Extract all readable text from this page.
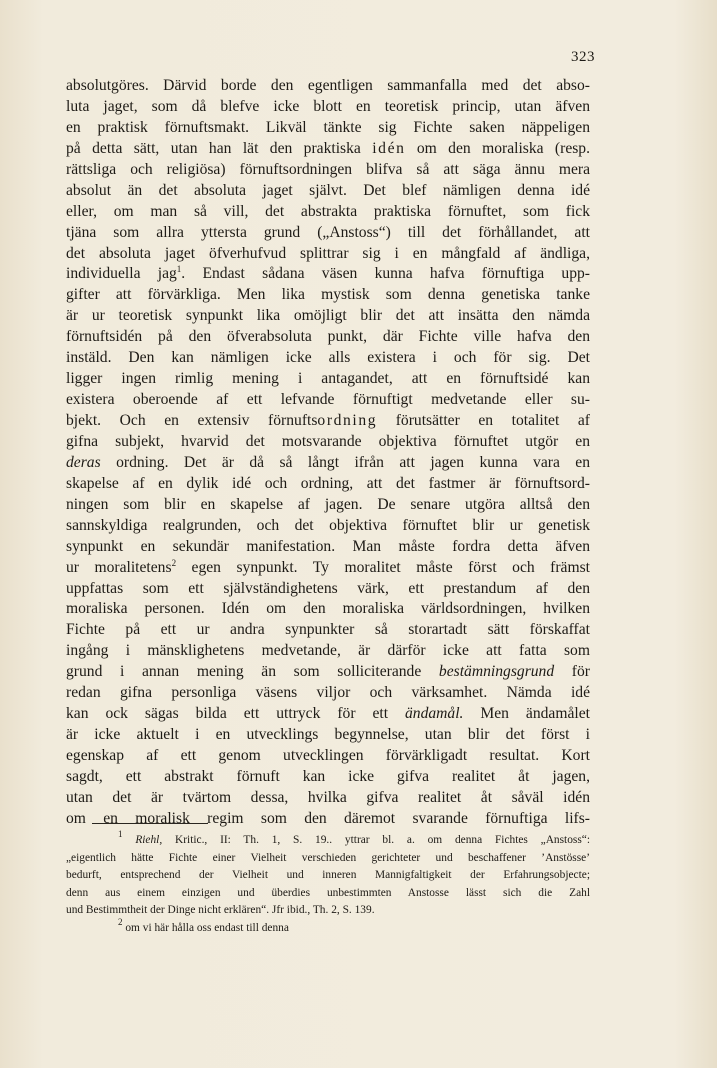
323
absolutgöres. Därvid borde den egentligen sammanfalla med det abso-
luta jaget, som då blefve icke blott en teoretisk princip, utan äfven
en praktisk förnuftsmakt. Likväl tänkte sig Fichte saken näppeligen
på detta sätt, utan han lät den praktiska idén om den moraliska (resp.
rättsliga och religiösa) förnuftsordningen blifva så att säga ännu mera
absolut än det absoluta jaget självt. Det blef nämligen denna idé
eller, om man så vill, det abstrakta praktiska förnuftet, som fick
tjäna som allra yttersta grund („Anstoss“) till det förhållandet, att
det absoluta jaget öfverhufvud splittrar sig i en mångfald af ändliga,
individuella jag$^1$. Endast sådana väsen kunna hafva förnuftiga upp-
gifter att förvärkliga. Men lika mystisk som denna genetiska tanke
är ur teoretisk synpunkt lika omöjligt blir det att insätta den nämda
förnuftsidén på den öfverabsoluta punkt, där Fichte ville hafva den
instäld. Den kan nämligen icke alls existera i och för sig. Det
ligger ingen rimlig mening i antagandet, att en förnuftsidé kan
existera oberoende af ett lefvande förnuftigt medvetande eller su-
bjekt. Och en extensiv förnuftsordning förutsätter en totalitet af
gifna subjekt, hvarvid det motsvarande objektiva förnuftet utgör en
deras ordning. Det är då så långt ifrån att jagen kunna vara en
skapelse af en dylik idé och ordning, att det fastmer är förnuftsord-
ningen som blir en skapelse af jagen. De senare utgöra alltså den
sannskyldiga realgrunden, och det objektiva förnuftet blir ur genetisk
synpunkt en sekundär manifestation. Man måste fordra detta äfven
ur moralitetens$^2$ egen synpunkt. Ty moralitet måste först och främst
uppfattas som ett självständighetens värk, ett prestandum af den
moraliska personen. Idén om den moraliska världsordningen, hvilken
Fichte på ett ur andra synpunkter så storartadt sätt förskaffat
ingång i mänsklighetens medvetande, är därför icke att fatta som
grund i annan mening än som solliciterande bestämningsgrund för
redan gifna personliga väsens viljor och värksamhet. Nämda idé
kan ock sägas bilda ett uttryck för ett ändamål. Men ändamålet
är icke aktuelt i en utvecklings begynnelse, utan blir det först i
egenskap af ett genom utvecklingen förvärkligadt resultat. Kort
sagdt, ett abstrakt förnuft kan icke gifva realitet åt jagen,
utan det är tvärtom dessa, hvilka gifva realitet åt såväl idén
om en moralisk regim som den däremot svarande förnuftiga lifs-
$^1$ Riehl, Kritic., II: Th. 1, S. 19.. yttrar bl. a. om denna Fichtes „Anstoss“:
„eigentlich hätte Fichte einer Vielheit verschieden gerichteter und beschaffener ’Anstösse’
bedurft, entsprechend der Vielheit und inneren Mannigfaltigkeit der Erfahrungsobjecte;
denn aus einem einzigen und überdies unbestimmten Anstosse lässt sich die Zahl
und Bestimmtheit der Dinge nicht erklären“. Jfr ibid., Th. 2, S. 139.
$^2$ om vi här hålla oss endast till denna
